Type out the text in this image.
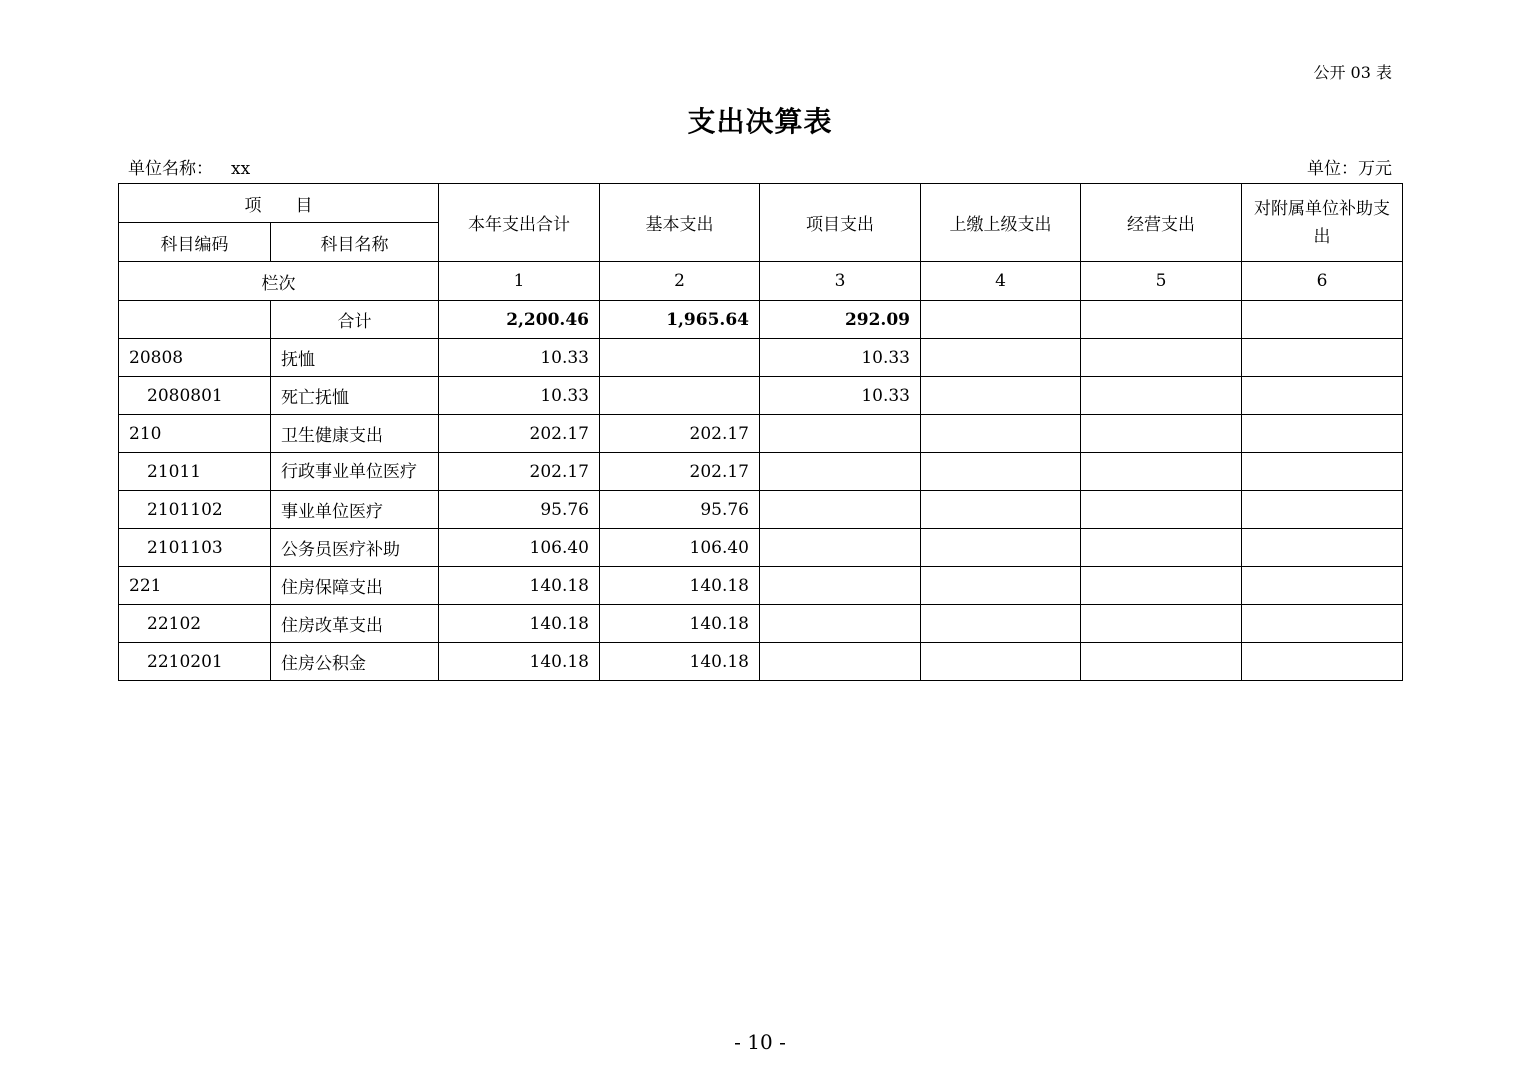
公开 03 表
支出决算表
单位名称： xx	单位：万元
项　　目		本年支出合计	基本支出	项目支出	上缴上级支出	经营支出	对附属单位补助支出
科目编码	科目名称						
栏次		1	2	3	4	5	6
	合计	2,200.46	1,965.64	292.09			
20808	抚恤	10.33		10.33			
2080801	死亡抚恤	10.33		10.33			
210	卫生健康支出	202.17	202.17				
21011	行政事业单位医疗	202.17	202.17				
2101102	事业单位医疗	95.76	95.76				
2101103	公务员医疗补助	106.40	106.40				
221	住房保障支出	140.18	140.18				
22102	住房改革支出	140.18	140.18				
2210201	住房公积金	140.18	140.18				
- 10 -
